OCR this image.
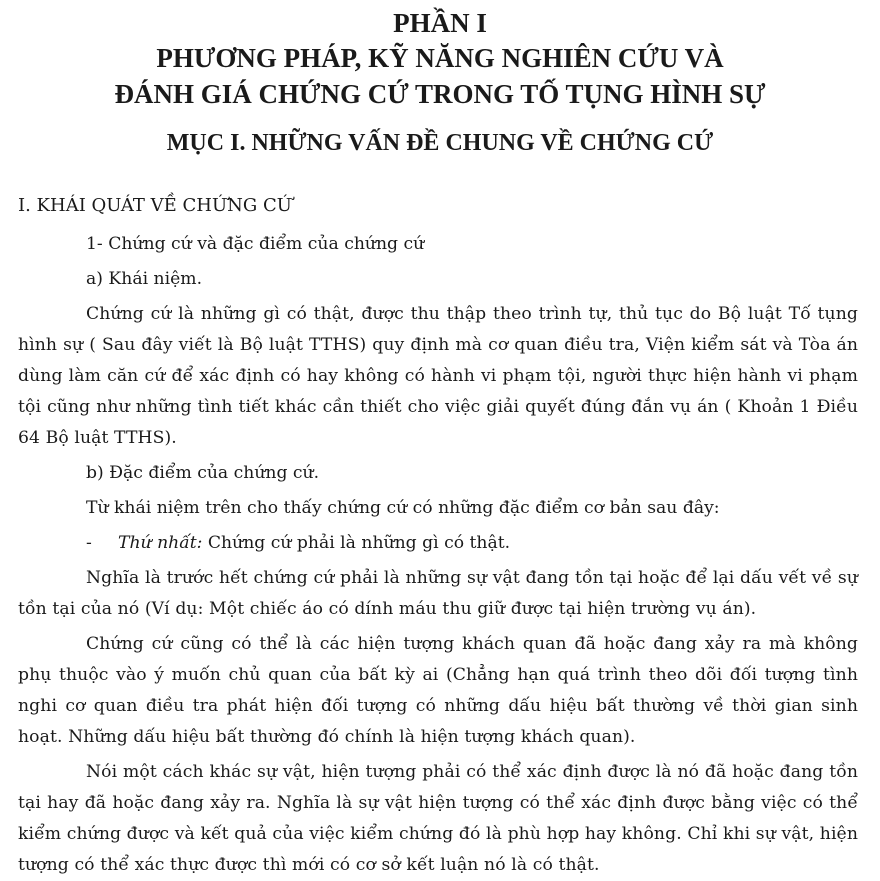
PHẦN I

PHƯƠNG PHÁP, KỸ NĂNG NGHIÊN CỨU VÀ

ĐÁNH GIÁ CHỨNG CỨ TRONG TỐ TỤNG HÌNH SỰ

MỤC I. NHỮNG VẤN ĐỀ CHUNG VỀ CHỨNG CỨ

I. KHÁI QUÁT VỀ CHỨNG CỨ

1- Chứng cứ và đặc điểm của chứng cứ

a) Khái niệm.

Chứng cứ là những gì có thật, được thu thập theo trình tự, thủ tục do Bộ luật Tố tụng hình sự ( Sau đây viết là Bộ luật TTHS) quy định mà cơ quan điều tra, Viện kiểm sát và Tòa án dùng làm căn cứ để xác định có hay không có hành vi phạm tội, người thực hiện hành vi phạm tội cũng như những tình tiết khác cần thiết cho việc giải quyết đúng đắn vụ án ( Khoản 1 Điều 64 Bộ luật TTHS).

b) Đặc điểm của chứng cứ.

Từ khái niệm trên cho thấy chứng cứ có những đặc điểm cơ bản sau đây:

- Thứ nhất: Chứng cứ phải là những gì có thật.

Nghĩa là trước hết chứng cứ phải là những sự vật đang tồn tại hoặc để lại dấu vết về sự tồn tại của nó (Ví dụ: Một chiếc áo có dính máu thu giữ được tại hiện trường vụ án).

Chứng cứ cũng có thể là các hiện tượng khách quan đã hoặc đang xảy ra mà không phụ thuộc vào ý muốn chủ quan của bất kỳ ai (Chẳng hạn quá trình theo dõi đối tượng tình nghi cơ quan điều tra phát hiện đối tượng có những dấu hiệu bất thường về thời gian sinh hoạt. Những dấu hiệu bất thường đó chính là hiện tượng khách quan).

Nói một cách khác sự vật, hiện tượng phải có thể xác định được là nó đã hoặc đang tồn tại hay đã hoặc đang xảy ra. Nghĩa là sự vật hiện tượng có thể xác định được bằng việc có thể kiểm chứng được và kết quả của việc kiểm chứng đó là phù hợp hay không. Chỉ khi sự vật, hiện tượng có thể xác thực được thì mới có cơ sở kết luận nó là có thật.
